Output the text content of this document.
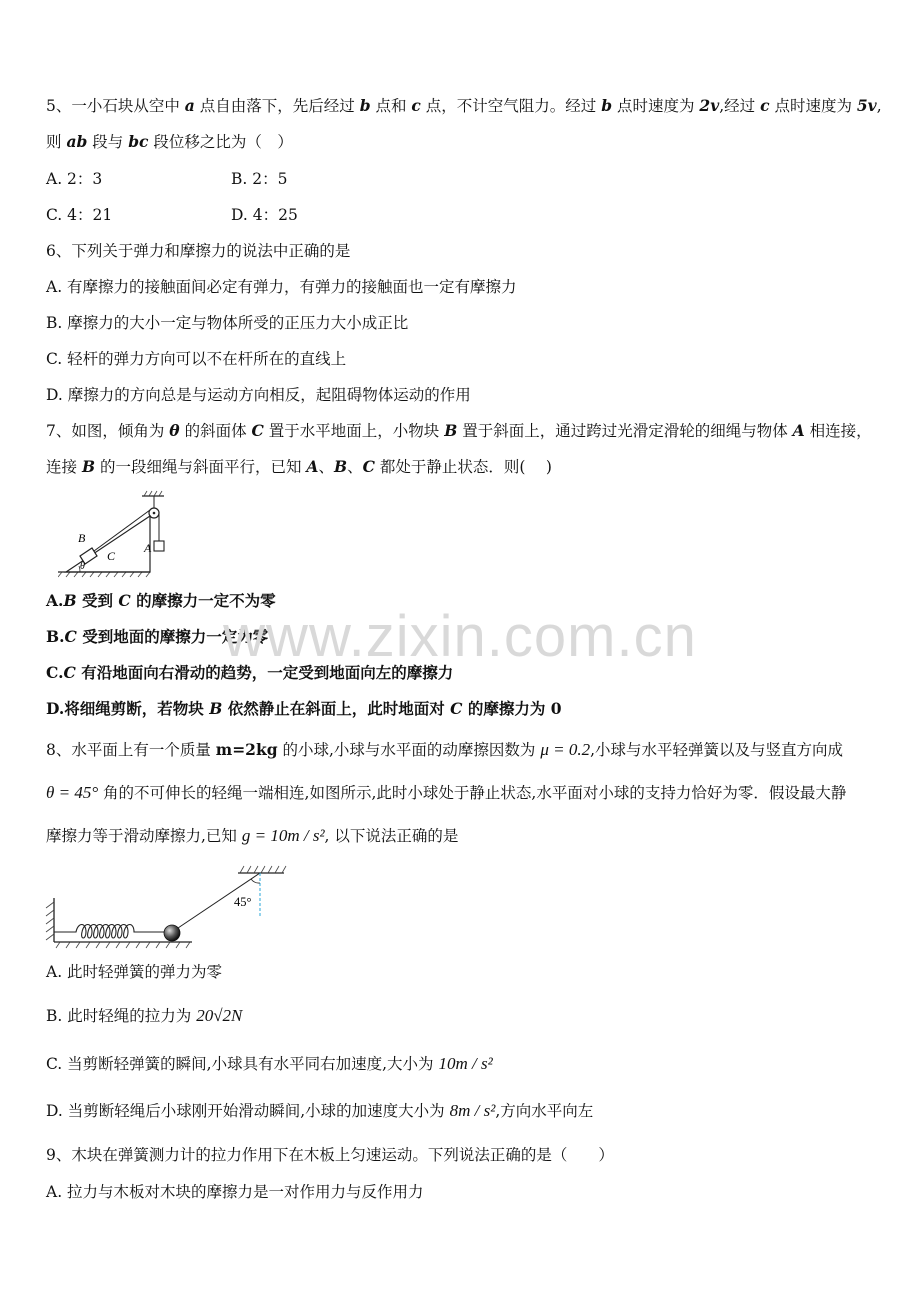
5、一小石块从空中 a 点自由落下，先后经过 b 点和 c 点，不计空气阻力。经过 b 点时速度为 2v,经过 c 点时速度为 5v,
则 ab 段与 bc 段位移之比为（　）
A. 2：3	B. 2：5
C. 4：21	D. 4：25
6、下列关于弹力和摩擦力的说法中正确的是
A. 有摩擦力的接触面间必定有弹力，有弹力的接触面也一定有摩擦力
B. 摩擦力的大小一定与物体所受的正压力大小成正比
C. 轻杆的弹力方向可以不在杆所在的直线上
D. 摩擦力的方向总是与运动方向相反，起阻碍物体运动的作用
7、如图，倾角为 θ 的斜面体 C 置于水平地面上，小物块 B 置于斜面上，通过跨过光滑定滑轮的细绳与物体 A 相连接，
连接 B 的一段细绳与斜面平行，已知 A、B、C 都处于静止状态．则(　 )
B
C
A
θ
A.B 受到 C 的摩擦力一定不为零
B.C 受到地面的摩擦力一定为零
C.C 有沿地面向右滑动的趋势，一定受到地面向左的摩擦力
D.将细绳剪断，若物块 B 依然静止在斜面上，此时地面对 C 的摩擦力为 0
8、水平面上有一个质量 m=2kg 的小球,小球与水平面的动摩擦因数为 μ = 0.2,小球与水平轻弹簧以及与竖直方向成
θ = 45° 角的不可伸长的轻绳一端相连,如图所示,此时小球处于静止状态,水平面对小球的支持力恰好为零．假设最大静
摩擦力等于滑动摩擦力,已知 g = 10m / s², 以下说法正确的是
45°
A. 此时轻弹簧的弹力为零
B. 此时轻绳的拉力为 20√2N
C. 当剪断轻弹簧的瞬间,小球具有水平同右加速度,大小为 10m / s²
D. 当剪断轻绳后小球刚开始滑动瞬间,小球的加速度大小为 8m / s²,方向水平向左
9、木块在弹簧测力计的拉力作用下在木板上匀速运动。下列说法正确的是（　　）
A. 拉力与木板对木块的摩擦力是一对作用力与反作用力
www.zixin.com.cn
